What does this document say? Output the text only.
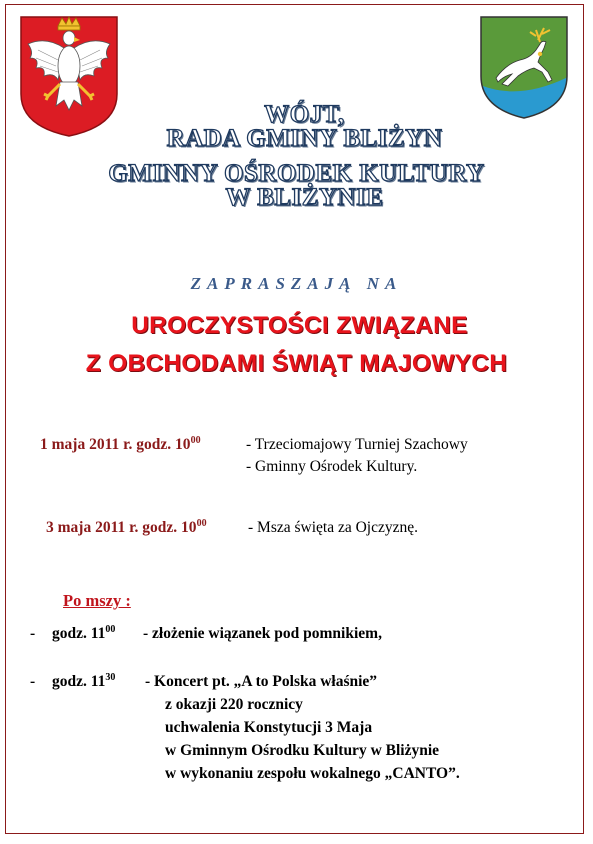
WÓJT,
RADA GMINY BLIŻYN
GMINNY OŚRODEK KULTURY
W BLIŻYNIE
ZAPRASZAJĄ NA
UROCZYSTOŚCI ZWIĄZANE
Z OBCHODAMI ŚWIĄT MAJOWYCH
1 maja 2011 r. godz. $10^{00}$	- Trzeciomajowy Turniej Szachowy
- Gminny Ośrodek Kultury.
3 maja 2011 r. godz. $10^{00}$	- Msza święta za Ojczyznę.
Po mszy :
- godz. $11^{00}$ - złożenie wiązanek pod pomnikiem,
- godz. $11^{30}$ - Koncert pt. „A to Polska właśnie”
z okazji 220 rocznicy
uchwalenia Konstytucji 3 Maja
w Gminnym Ośrodku Kultury w Bliżynie
w wykonaniu zespołu wokalnego „CANTO”.
